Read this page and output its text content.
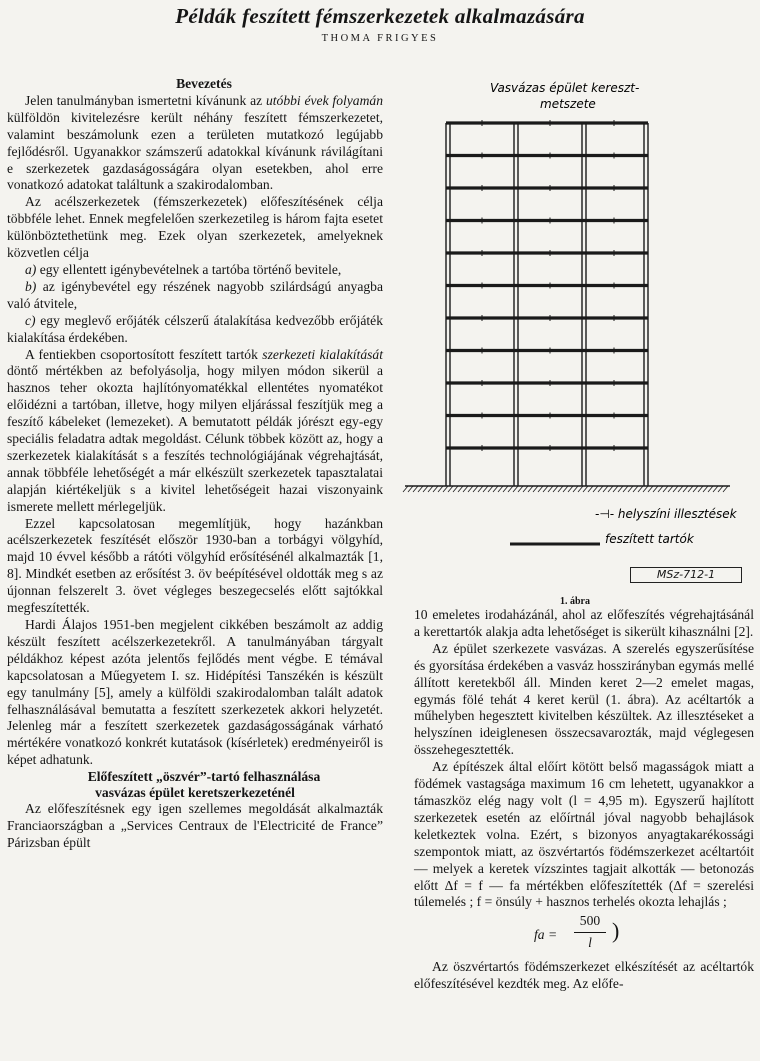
Példák feszített fémszerkezetek alkalmazására
THOMA FRIGYES

Bevezetés

Jelen tanulmányban ismertetni kívánunk az utóbbi évek folyamán külföldön kivitelezésre került néhány feszített fémszerkezetet, valamint beszámolunk ezen a területen mutatkozó legújabb fejlődésről. Ugyanakkor számszerű adatokkal kívánunk rávilágítani e szerkezetek gazdaságosságára olyan esetekben, ahol erre vonatkozó adatokat találtunk a szakirodalomban.

Az acélszerkezetek (fémszerkezetek) előfeszítésének célja többféle lehet. Ennek megfelelően szerkezetileg is három fajta esetet különböztethetünk meg. Ezek olyan szerkezetek, amelyeknek közvetlen célja

a) egy ellentett igénybevételnek a tartóba történő bevitele,

b) az igénybevétel egy részének nagyobb szilárdságú anyagba való átvitele,

c) egy meglevő erőjáték célszerű átalakítása kedvezőbb erőjáték kialakítása érdekében.

A fentiekben csoportosított feszített tartók szerkezeti kialakítását döntő mértékben az befolyásolja, hogy milyen módon sikerül a hasznos teher okozta hajlítónyomatékkal ellentétes nyomatékot előidézni a tartóban, illetve, hogy milyen eljárással feszítjük meg a feszítő kábeleket (lemezeket). A bemutatott példák jórészt egy-egy speciális feladatra adtak megoldást. Célunk többek között az, hogy a szerkezetek kialakítását s a feszítés technológiájának végrehajtását, annak többféle lehetőségét a már elkészült szerkezetek tapasztalatai alapján kiértékeljük s a kivitel lehetőségeit hazai viszonyaink ismerete mellett mérlegeljük.

Ezzel kapcsolatosan megemlítjük, hogy hazánkban acélszerkezetek feszítését először 1930-ban a torbágyi völgyhíd, majd 10 évvel később a rátóti völgyhíd erősítésénél alkalmazták [1, 8]. Mindkét esetben az erősítést 3. öv beépítésével oldották meg s az újonnan felszerelt 3. övet végleges beszegecselés előtt sajtókkal megfeszítették.

Hardi Álajos 1951-ben megjelent cikkében beszámolt az addig készült feszített acélszerkezetekről. A tanulmányában tárgyalt példákhoz képest azóta jelentős fejlődés ment végbe. E témával kapcsolatosan a Műegyetem I. sz. Hidépítési Tanszékén is készült egy tanulmány [5], amely a külföldi szakirodalomban talált adatok felhasználásával bemutatta a feszített szerkezetek akkori helyzetét. Jelenleg már a feszített szerkezetek gazdaságosságának várható mértékére vonatkozó konkrét kutatások (kísérletek) eredményeiről is képet adhatunk.

Előfeszített „öszvér”-tartó felhasználása
vasvázas épület keretszerkezeténél

Az előfeszítésnek egy igen szellemes megoldását alkalmazták Franciaországban a „Services Centraux de l'Electricité de France” Párizsban épült

Vasvázas épület kereszt-
metszete
-⊣- helyszíni illesztések
feszített tartók
1. ábra
MSz-712-1

10 emeletes irodaházánál, ahol az előfeszítés végrehajtásánál a kerettartók alakja adta lehetőséget is sikerült kihasználni [2].

Az épület szerkezete vasvázas. A szerelés egyszerűsítése és gyorsítása érdekében a vasváz hosszirányban egymás mellé állított keretekből áll. Minden keret 2—2 emelet magas, egymás fölé tehát 4 keret kerül (1. ábra). Az acéltartók a műhelyben hegesztett kivitelben készültek. Az illesztéseket a helyszínen ideiglenesen összecsavarozták, majd véglegesen összehegesztették.

Az építészek által előírt kötött belső magasságok miatt a födémek vastagsága maximum 16 cm lehetett, ugyanakkor a támaszköz elég nagy volt (l = 4,95 m). Egyszerű hajlított szerkezetek esetén az előírtnál jóval nagyobb behajlások keletkeztek volna. Ezért, s bizonyos anyagtakarékossági szempontok miatt, az öszvértartós födémszerkezet acéltartóit — melyek a keretek vízszintes tagjait alkották — betonozás előtt Δf = f — fa mértékben előfeszítették (Δf = szerelési túlemelés ; f = önsúly + hasznos terhelés okozta lehajlás ;

fa =
500
l )

Az öszvértartós födémszerkezet elkészítését az acéltartók előfeszítésével kezdték meg. Az előfe-
